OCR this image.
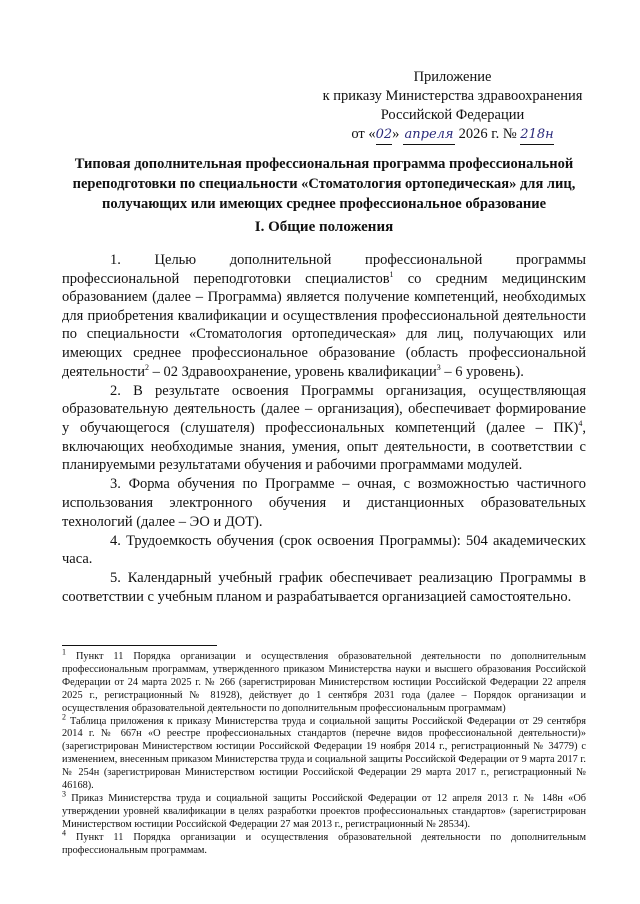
Приложение
к приказу Министерства здравоохранения
Российской Федерации
от «02» апреля 2026 г. № 218н
Типовая дополнительная профессиональная программа профессиональной переподготовки по специальности «Стоматология ортопедическая» для лиц, получающих или имеющих среднее профессиональное образование
I. Общие положения

1. Целью дополнительной профессиональной программы профессиональной переподготовки специалистов$^1$ со средним медицинским образованием (далее – Программа) является получение компетенций, необходимых для приобретения квалификации и осуществления профессиональной деятельности по специальности «Стоматология ортопедическая» для лиц, получающих или имеющих среднее профессиональное образование (область профессиональной деятельности$^2$ – 02 Здравоохранение, уровень квалификации$^3$ – 6 уровень).

2. В результате освоения Программы организация, осуществляющая образовательную деятельность (далее – организация), обеспечивает формирование у обучающегося (слушателя) профессиональных компетенций (далее – ПК)$^4$, включающих необходимые знания, умения, опыт деятельности, в соответствии с планируемыми результатами обучения и рабочими программами модулей.

3. Форма обучения по Программе – очная, с возможностью частичного использования электронного обучения и дистанционных образовательных технологий (далее – ЭО и ДОТ).

4. Трудоемкость обучения (срок освоения Программы): 504 академических часа.

5. Календарный учебный график обеспечивает реализацию Программы в соответствии с учебным планом и разрабатывается организацией самостоятельно.

$^1$ Пункт 11 Порядка организации и осуществления образовательной деятельности по дополнительным профессиональным программам, утвержденного приказом Министерства науки и высшего образования Российской Федерации от 24 марта 2025 г. № 266 (зарегистрирован Министерством юстиции Российской Федерации 22 апреля 2025 г., регистрационный № 81928), действует до 1 сентября 2031 года (далее – Порядок организации и осуществления образовательной деятельности по дополнительным профессиональным программам)

$^2$ Таблица приложения к приказу Министерства труда и социальной защиты Российской Федерации от 29 сентября 2014 г. № 667н «О реестре профессиональных стандартов (перечне видов профессиональной деятельности)» (зарегистрирован Министерством юстиции Российской Федерации 19 ноября 2014 г., регистрационный № 34779) с изменением, внесенным приказом Министерства труда и социальной защиты Российской Федерации от 9 марта 2017 г. № 254н (зарегистрирован Министерством юстиции Российской Федерации 29 марта 2017 г., регистрационный № 46168).

$^3$ Приказ Министерства труда и социальной защиты Российской Федерации от 12 апреля 2013 г. № 148н «Об утверждении уровней квалификации в целях разработки проектов профессиональных стандартов» (зарегистрирован Министерством юстиции Российской Федерации 27 мая 2013 г., регистрационный № 28534).

$^4$ Пункт 11 Порядка организации и осуществления образовательной деятельности по дополнительным профессиональным программам.
